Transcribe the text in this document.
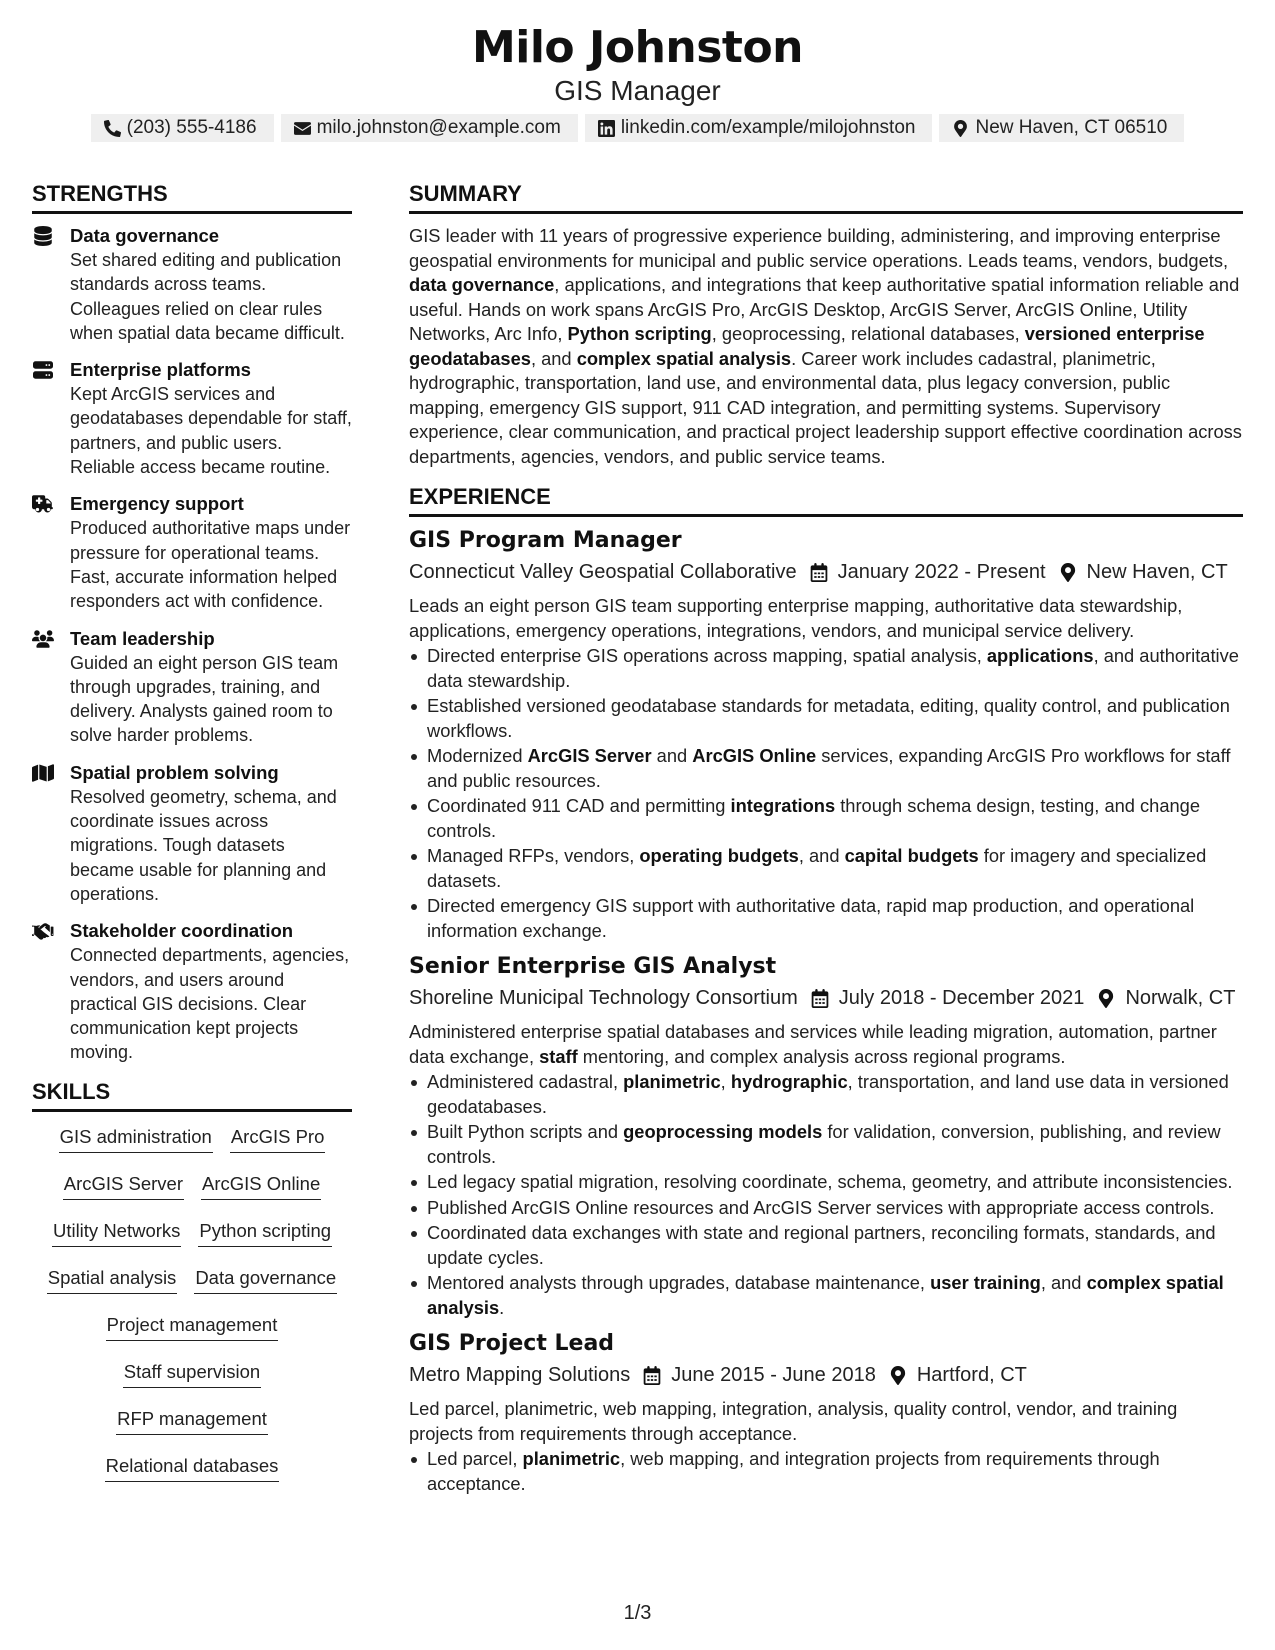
Milo Johnston
GIS Manager
(203) 555-4186	milo.johnston@example.com	linkedin.com/example/milojohnston	New Haven, CT 06510
STRENGTHS
Data governance
Set shared editing and publication standards across teams. Colleagues relied on clear rules when spatial data became difficult.
Enterprise platforms
Kept ArcGIS services and geodatabases dependable for staff, partners, and public users. Reliable access became routine.
Emergency support
Produced authoritative maps under pressure for operational teams. Fast, accurate information helped responders act with confidence.
Team leadership
Guided an eight person GIS team through upgrades, training, and delivery. Analysts gained room to solve harder problems.
Spatial problem solving
Resolved geometry, schema, and coordinate issues across migrations. Tough datasets became usable for planning and operations.
Stakeholder coordination
Connected departments, agencies, vendors, and users around practical GIS decisions. Clear communication kept projects moving.
SKILLS
GIS administration ArcGIS Pro
ArcGIS Server ArcGIS Online
Utility Networks Python scripting
Spatial analysis Data governance
Project management
Staff supervision
RFP management
Relational databases
SUMMARY
GIS leader with 11 years of progressive experience building, administering, and improving enterprise geospatial environments for municipal and public service operations. Leads teams, vendors, budgets, data governance, applications, and integrations that keep authoritative spatial information reliable and useful. Hands on work spans ArcGIS Pro, ArcGIS Desktop, ArcGIS Server, ArcGIS Online, Utility Networks, Arc Info, Python scripting, geoprocessing, relational databases, versioned enterprise geodatabases, and complex spatial analysis. Career work includes cadastral, planimetric, hydrographic, transportation, land use, and environmental data, plus legacy conversion, public mapping, emergency GIS support, 911 CAD integration, and permitting systems. Supervisory experience, clear communication, and practical project leadership support effective coordination across departments, agencies, vendors, and public service teams.
EXPERIENCE
GIS Program Manager
Connecticut Valley Geospatial Collaborative January 2022 - Present New Haven, CT
Leads an eight person GIS team supporting enterprise mapping, authoritative data stewardship, applications, emergency operations, integrations, vendors, and municipal service delivery.
Directed enterprise GIS operations across mapping, spatial analysis, applications, and authoritative data stewardship.
Established versioned geodatabase standards for metadata, editing, quality control, and publication workflows.
Modernized ArcGIS Server and ArcGIS Online services, expanding ArcGIS Pro workflows for staff and public resources.
Coordinated 911 CAD and permitting integrations through schema design, testing, and change controls.
Managed RFPs, vendors, operating budgets, and capital budgets for imagery and specialized datasets.
Directed emergency GIS support with authoritative data, rapid map production, and operational information exchange.
Senior Enterprise GIS Analyst
Shoreline Municipal Technology Consortium July 2018 - December 2021 Norwalk, CT
Administered enterprise spatial databases and services while leading migration, automation, partner data exchange, staff mentoring, and complex analysis across regional programs.
Administered cadastral, planimetric, hydrographic, transportation, and land use data in versioned geodatabases.
Built Python scripts and geoprocessing models for validation, conversion, publishing, and review controls.
Led legacy spatial migration, resolving coordinate, schema, geometry, and attribute inconsistencies.
Published ArcGIS Online resources and ArcGIS Server services with appropriate access controls.
Coordinated data exchanges with state and regional partners, reconciling formats, standards, and update cycles.
Mentored analysts through upgrades, database maintenance, user training, and complex spatial analysis.
GIS Project Lead
Metro Mapping Solutions June 2015 - June 2018 Hartford, CT
Led parcel, planimetric, web mapping, integration, analysis, quality control, vendor, and training projects from requirements through acceptance.
Led parcel, planimetric, web mapping, and integration projects from requirements through acceptance.
1/3
